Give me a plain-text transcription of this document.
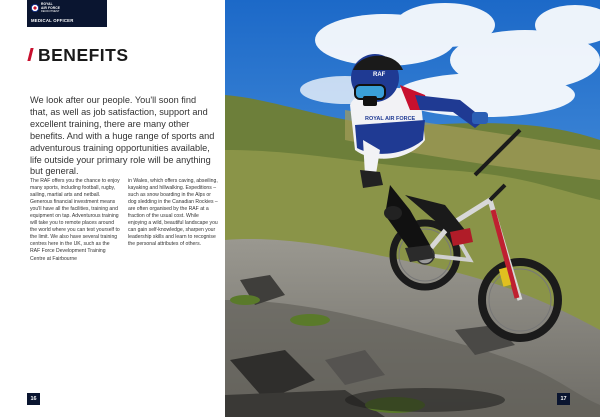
ROYAL
AIR FORCE
RECRUITMENT
MEDICAL OFFICER
BENEFITS

We look after our people. You'll soon find that, as well as job satisfaction, support and excellent training, there are many other benefits. And with a huge range of sports and adventurous training opportunities available, life outside your primary role will be anything but general.

The RAF offers you the chance to enjoy many sports, including football, rugby, sailing, martial arts and netball. Generous financial investment means you'll have all the facilities, training and equipment on tap. Adventurous training will take you to remote places around the world where you can test yourself to the limit. We also have several training centres here in the UK, such as the RAF Force Development Training Centre at Fairbourne

in Wales, which offers caving, abseiling, kayaking and hillwalking. Expeditions – such as snow boarding in the Alps or dog sledding in the Canadian Rockies – are often organised by the RAF at a fraction of the usual cost. While enjoying a wild, beautiful landscape you can gain self-knowledge, sharpen your leadership skills and learn to recognise the personal attributes of others.

16
RAF
ROYAL AIR FORCE
17
